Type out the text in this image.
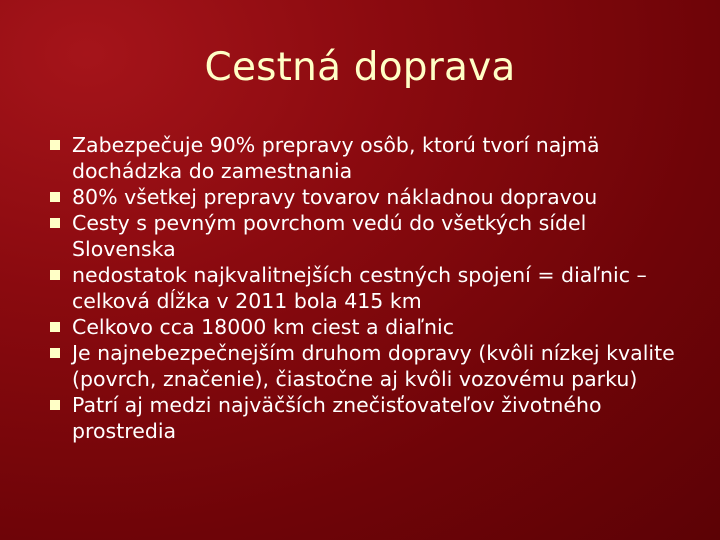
Cestná doprava
Zabezpečuje 90% prepravy osôb, ktorú tvorí najmä dochádzka do zamestnania
80% všetkej prepravy tovarov nákladnou dopravou
Cesty s pevným povrchom vedú do všetkých sídel Slovenska
nedostatok najkvalitnejších cestných spojení = diaľnic – celková dĺžka v 2011 bola 415 km
Celkovo cca 18000 km ciest a diaľnic
Je najnebezpečnejším druhom dopravy (kvôli nízkej kvalite (povrch, značenie), čiastočne aj kvôli vozovému parku)
Patrí aj medzi najväčších znečisťovateľov životného prostredia
